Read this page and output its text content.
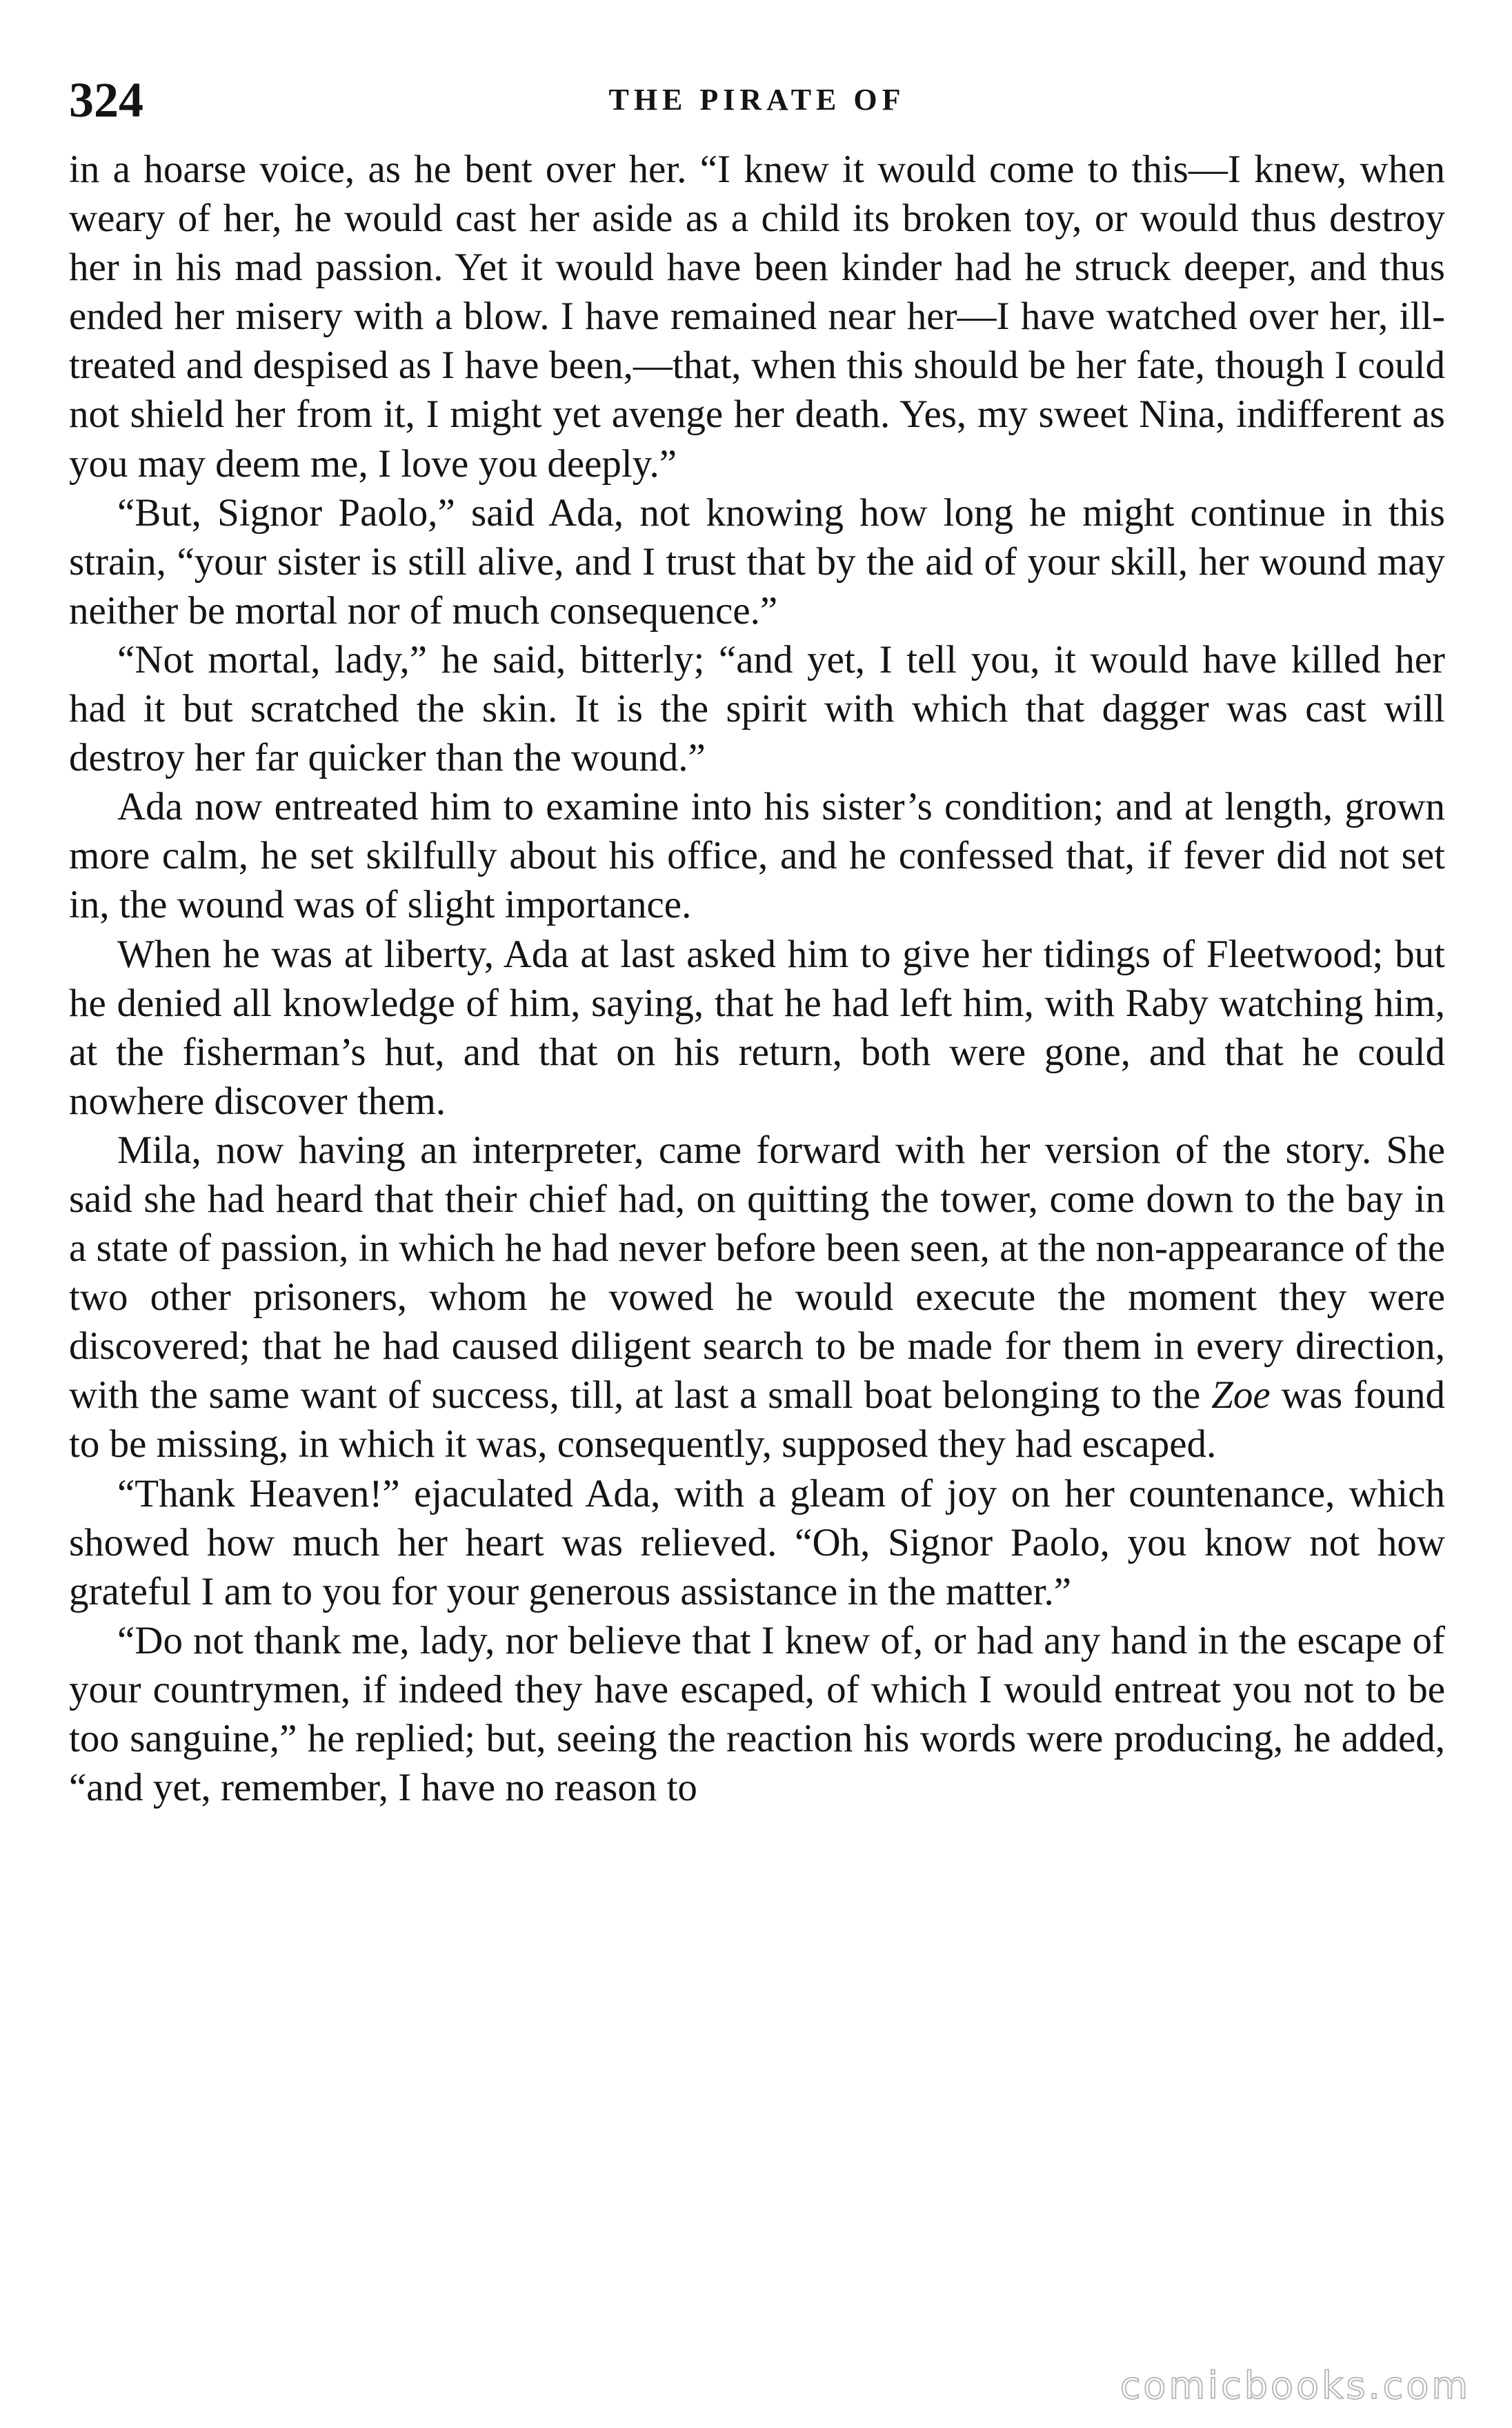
324	THE PIRATE OF

in a hoarse voice, as he bent over her. “I knew it would come to this—I knew, when weary of her, he would cast her aside as a child its broken toy, or would thus destroy her in his mad passion. Yet it would have been kinder had he struck deeper, and thus ended her misery with a blow. I have remained near her—I have watched over her, ill-treated and despised as I have been,—that, when this should be her fate, though I could not shield her from it, I might yet avenge her death. Yes, my sweet Nina, indifferent as you may deem me, I love you deeply.”

“But, Signor Paolo,” said Ada, not knowing how long he might continue in this strain, “your sister is still alive, and I trust that by the aid of your skill, her wound may neither be mortal nor of much consequence.”

“Not mortal, lady,” he said, bitterly; “and yet, I tell you, it would have killed her had it but scratched the skin. It is the spirit with which that dagger was cast will destroy her far quicker than the wound.”

Ada now entreated him to examine into his sister’s condition; and at length, grown more calm, he set skilfully about his office, and he confessed that, if fever did not set in, the wound was of slight importance.

When he was at liberty, Ada at last asked him to give her tidings of Fleetwood; but he denied all knowledge of him, saying, that he had left him, with Raby watching him, at the fisherman’s hut, and that on his return, both were gone, and that he could nowhere discover them.

Mila, now having an interpreter, came forward with her version of the story. She said she had heard that their chief had, on quitting the tower, come down to the bay in a state of passion, in which he had never before been seen, at the non-appearance of the two other prisoners, whom he vowed he would execute the moment they were discovered; that he had caused diligent search to be made for them in every direction, with the same want of success, till, at last a small boat belonging to the Zoe was found to be missing, in which it was, consequently, supposed they had escaped.

“Thank Heaven!” ejaculated Ada, with a gleam of joy on her countenance, which showed how much her heart was relieved. “Oh, Signor Paolo, you know not how grateful I am to you for your generous assistance in the matter.”

“Do not thank me, lady, nor believe that I knew of, or had any hand in the escape of your countrymen, if indeed they have escaped, of which I would entreat you not to be too sanguine,” he replied; but, seeing the reaction his words were producing, he added, “and yet, remember, I have no reason to

comicbooks.com
